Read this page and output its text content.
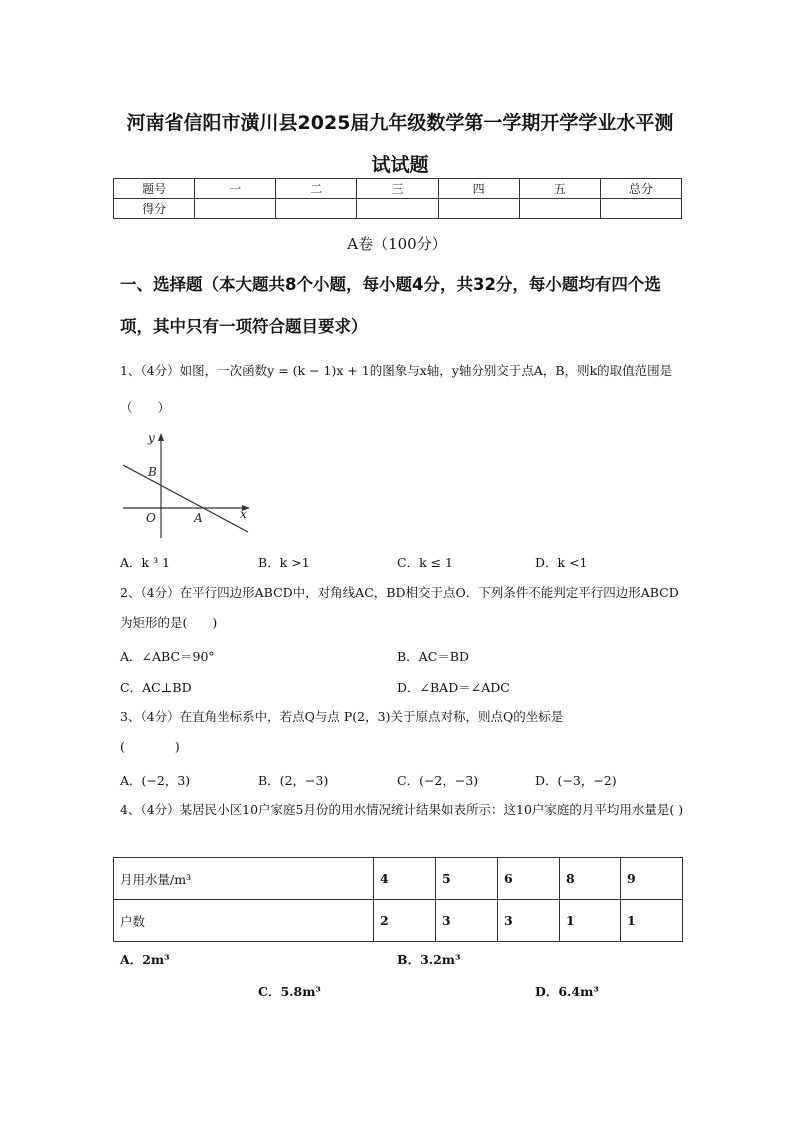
河南省信阳市潢川县2025届九年级数学第一学期开学学业水平测
试试题
题号	一	二	三	四	五	总分
得分						
A卷（100分）
一、选择题（本大题共8个小题，每小题4分，共32分，每小题均有四个选项，其中只有一项符合题目要求）
1、（4分）如图，一次函数y = (k − 1)x + 1的图象与x轴，y轴分别交于点A，B，则k的取值范围是（　　）
y
x
O	A
B
A．k ³ 1	B．k >1	C．k ≤ 1	D．k <1
2、（4分）在平行四边形ABCD中，对角线AC，BD相交于点O．下列条件不能判定平行四边形ABCD为矩形的是(　　)
A．∠ABC＝90°	B．AC＝BD
C．AC⊥BD	D．∠BAD＝∠ADC
3、（4分）在直角坐标系中，若点Q与点 P(2，3)关于原点对称，则点Q的坐标是
(　　　　)
A．(−2，3)	B．(2，−3)	C．(−2，−3)	D．(−3，−2)
4、（4分）某居民小区10户家庭5月份的用水情况统计结果如表所示：这10户家庭的月平均用水量是( )
月用水量/m³	4	5	6	8	9
户数	2	3	3	1	1
A．2m³	B．3.2m³
C．5.8m³	D．6.4m³
